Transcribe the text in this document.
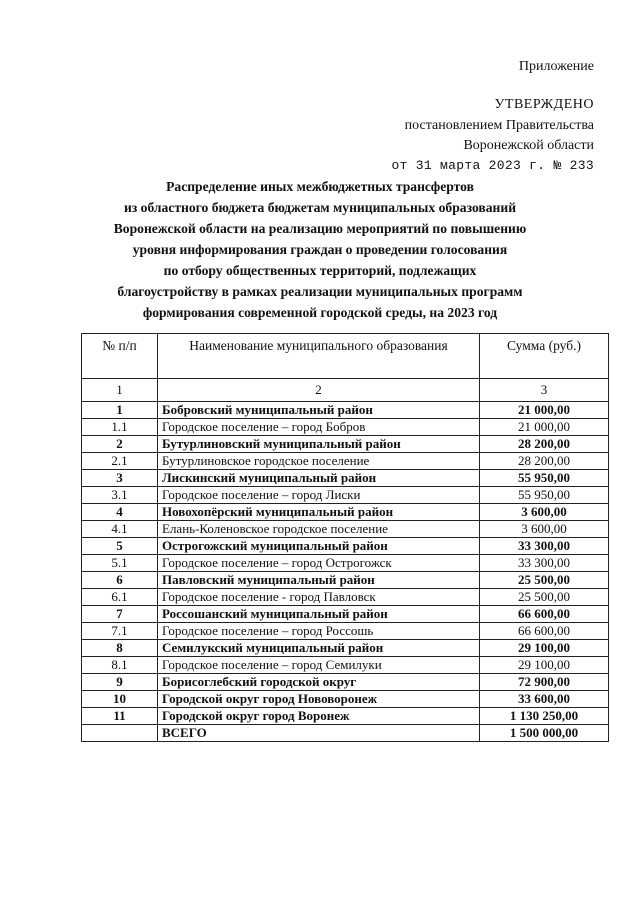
Приложение
УТВЕРЖДЕНО
постановлением Правительства
Воронежской области
от 31 марта 2023 г. № 233
Распределение иных межбюджетных трансфертов
из областного бюджета бюджетам муниципальных образований
Воронежской области на реализацию мероприятий по повышению
уровня информирования граждан о проведении голосования
по отбору общественных территорий, подлежащих
благоустройству в рамках реализации муниципальных программ
формирования современной городской среды, на 2023 год
№ п/п	Наименование муниципального образования	Сумма (руб.)
1	2	3
1	Бобровский муниципальный район	21 000,00
1.1	Городское поселение – город Бобров	21 000,00
2	Бутурлиновский муниципальный район	28 200,00
2.1	Бутурлиновское городское поселение	28 200,00
3	Лискинский муниципальный район	55 950,00
3.1	Городское поселение – город Лиски	55 950,00
4	Новохопёрский муниципальный район	3 600,00
4.1	Елань-Коленовское городское поселение	3 600,00
5	Острогожский муниципальный район	33 300,00
5.1	Городское поселение – город Острогожск	33 300,00
6	Павловский муниципальный район	25 500,00
6.1	Городское поселение - город Павловск	25 500,00
7	Россошанский муниципальный район	66 600,00
7.1	Городское поселение – город Россошь	66 600,00
8	Семилукский муниципальный район	29 100,00
8.1	Городское поселение – город Семилуки	29 100,00
9	Борисоглебский городской округ	72 900,00
10	Городской округ город Нововоронеж	33 600,00
11	Городской округ город Воронеж	1 130 250,00
	ВСЕГО	1 500 000,00
